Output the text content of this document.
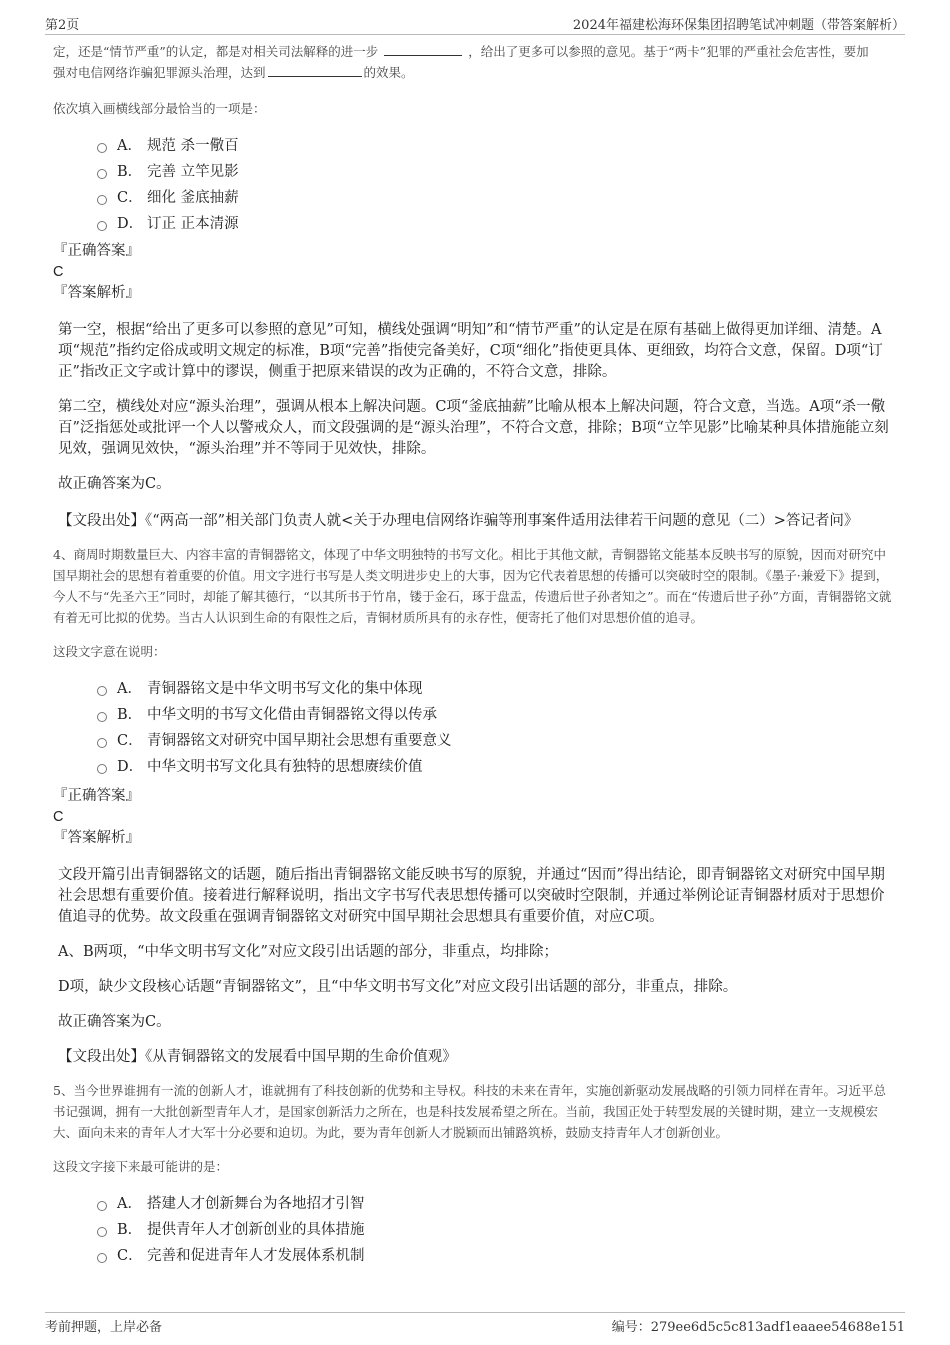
第2页	2024年福建松海环保集团招聘笔试冲刺题（带答案解析）

定，还是“情节严重”的认定，都是对相关司法解释的进一步	，给出了更多可以参照的意见。基于“两卡”犯罪的严重社会危害性，要加
强对电信网络诈骗犯罪源头治理，达到	的效果。

依次填入画横线部分最恰当的一项是：

A． 规范 杀一儆百
B． 完善 立竿见影
C． 细化 釜底抽薪
D． 订正 正本清源

『正确答案』

C

『答案解析』

第一空，根据“给出了更多可以参照的意见”可知，横线处强调“明知”和“情节严重”的认定是在原有基础上做得更加详细、清楚。A项“规范”指约定俗成或明文规定的标准，B项“完善”指使完备美好，C项“细化”指使更具体、更细致，均符合文意，保留。D项“订正”指改正文字或计算中的谬误，侧重于把原来错误的改为正确的，不符合文意，排除。

第二空，横线处对应“源头治理”，强调从根本上解决问题。C项“釜底抽薪”比喻从根本上解决问题，符合文意，当选。A项“杀一儆百”泛指惩处或批评一个人以警戒众人，而文段强调的是“源头治理”，不符合文意，排除；B项“立竿见影”比喻某种具体措施能立刻见效，强调见效快，“源头治理”并不等同于见效快，排除。

故正确答案为C。

【文段出处】《“两高一部”相关部门负责人就<关于办理电信网络诈骗等刑事案件适用法律若干问题的意见（二）>答记者问》

4、商周时期数量巨大、内容丰富的青铜器铭文，体现了中华文明独特的书写文化。相比于其他文献，青铜器铭文能基本反映书写的原貌，因而对研究中国早期社会的思想有着重要的价值。用文字进行书写是人类文明进步史上的大事，因为它代表着思想的传播可以突破时空的限制。《墨子·兼爱下》提到，今人不与“先圣六王”同时，却能了解其德行，“以其所书于竹帛，镂于金石，琢于盘盂，传遗后世子孙者知之”。而在“传遗后世子孙”方面，青铜器铭文就有着无可比拟的优势。当古人认识到生命的有限性之后，青铜材质所具有的永存性，便寄托了他们对思想价值的追寻。

这段文字意在说明：

A． 青铜器铭文是中华文明书写文化的集中体现
B． 中华文明的书写文化借由青铜器铭文得以传承
C． 青铜器铭文对研究中国早期社会思想有重要意义
D． 中华文明书写文化具有独特的思想赓续价值

『正确答案』

C

『答案解析』

文段开篇引出青铜器铭文的话题，随后指出青铜器铭文能反映书写的原貌，并通过“因而”得出结论，即青铜器铭文对研究中国早期社会思想有重要价值。接着进行解释说明，指出文字书写代表思想传播可以突破时空限制，并通过举例论证青铜器材质对于思想价值追寻的优势。故文段重在强调青铜器铭文对研究中国早期社会思想具有重要价值，对应C项。

A、B两项，“中华文明书写文化”对应文段引出话题的部分，非重点，均排除；

D项，缺少文段核心话题“青铜器铭文”，且“中华文明书写文化”对应文段引出话题的部分，非重点，排除。

故正确答案为C。

【文段出处】《从青铜器铭文的发展看中国早期的生命价值观》

5、当今世界谁拥有一流的创新人才，谁就拥有了科技创新的优势和主导权。科技的未来在青年，实施创新驱动发展战略的引领力同样在青年。习近平总书记强调，拥有一大批创新型青年人才，是国家创新活力之所在，也是科技发展希望之所在。当前，我国正处于转型发展的关键时期，建立一支规模宏大、面向未来的青年人才大军十分必要和迫切。为此，要为青年创新人才脱颖而出铺路筑桥，鼓励支持青年人才创新创业。

这段文字接下来最可能讲的是：

A． 搭建人才创新舞台为各地招才引智
B． 提供青年人才创新创业的具体措施
C． 完善和促进青年人才发展体系机制
考前押题，上岸必备	编号：279ee6d5c5c813adf1eaaee54688e151
